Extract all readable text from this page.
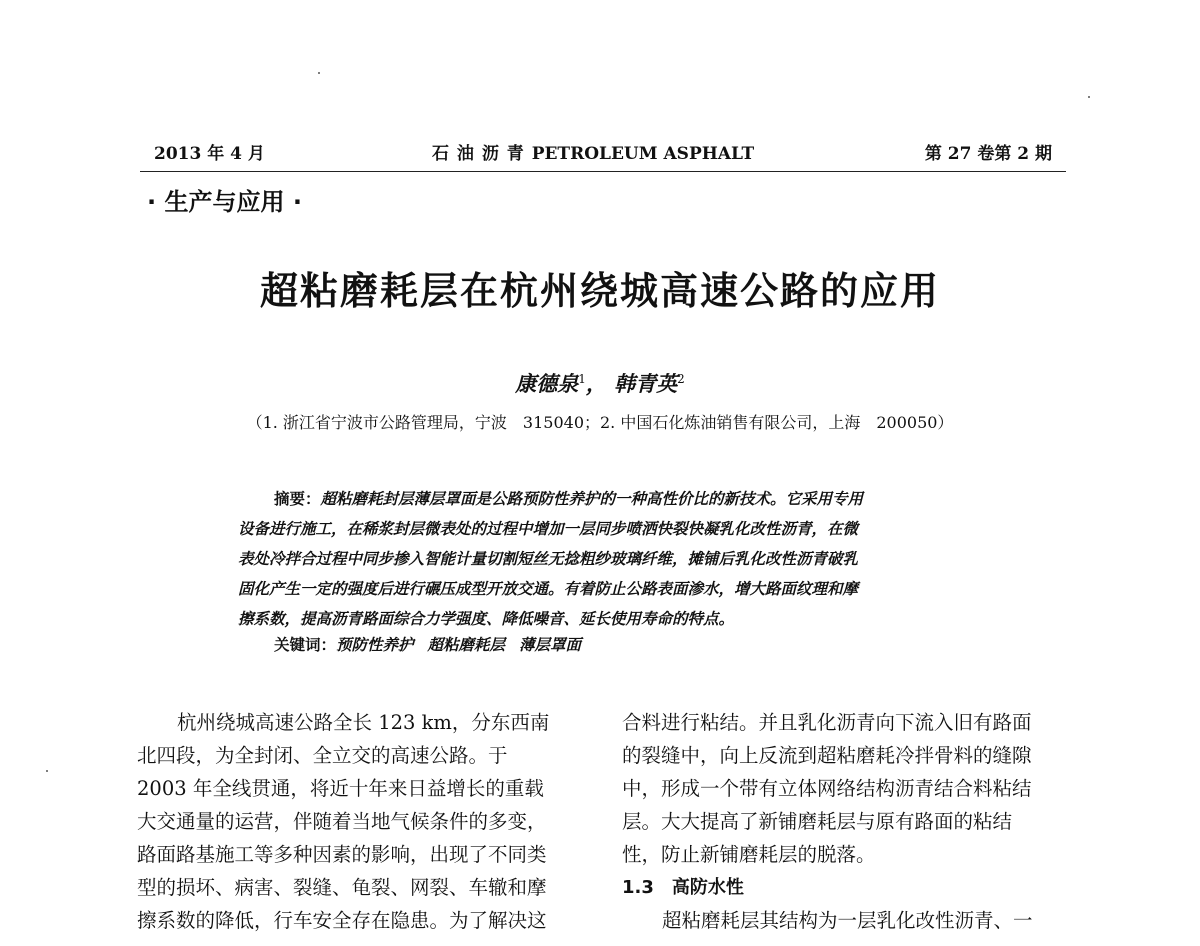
2013 年 4 月	石 油 沥 青 PETROLEUM ASPHALT	第 27 卷第 2 期
· 生产与应用 ·
超粘磨耗层在杭州绕城高速公路的应用
康德泉$^1$， 韩青英$^2$
（1. 浙江省宁波市公路管理局，宁波　315040；2. 中国石化炼油销售有限公司，上海　200050）
摘要：超粘磨耗封层薄层罩面是公路预防性养护的一种高性价比的新技术。它采用专用
设备进行施工，在稀浆封层微表处的过程中增加一层同步喷洒快裂快凝乳化改性沥青，在微
表处冷拌合过程中同步掺入智能计量切割短丝无捻粗纱玻璃纤维，摊铺后乳化改性沥青破乳
固化产生一定的强度后进行碾压成型开放交通。有着防止公路表面渗水，增大路面纹理和摩
擦系数，提高沥青路面综合力学强度、降低噪音、延长使用寿命的特点。
关键词：预防性养护 超粘磨耗层 薄层罩面
杭州绕城高速公路全长 123 km，分东西南
北四段，为全封闭、全立交的高速公路。于
2003 年全线贯通，将近十年来日益增长的重载
大交通量的运营，伴随着当地气候条件的多变，
路面路基施工等多种因素的影响，出现了不同类
型的损坏、病害、裂缝、龟裂、网裂、车辙和摩
擦系数的降低，行车安全存在隐患。为了解决这
合料进行粘结。并且乳化沥青向下流入旧有路面
的裂缝中，向上反流到超粘磨耗冷拌骨料的缝隙
中，形成一个带有立体网络结构沥青结合料粘结
层。大大提高了新铺磨耗层与原有路面的粘结
性，防止新铺磨耗层的脱落。
1.3 高防水性
超粘磨耗层其结构为一层乳化改性沥青、一
